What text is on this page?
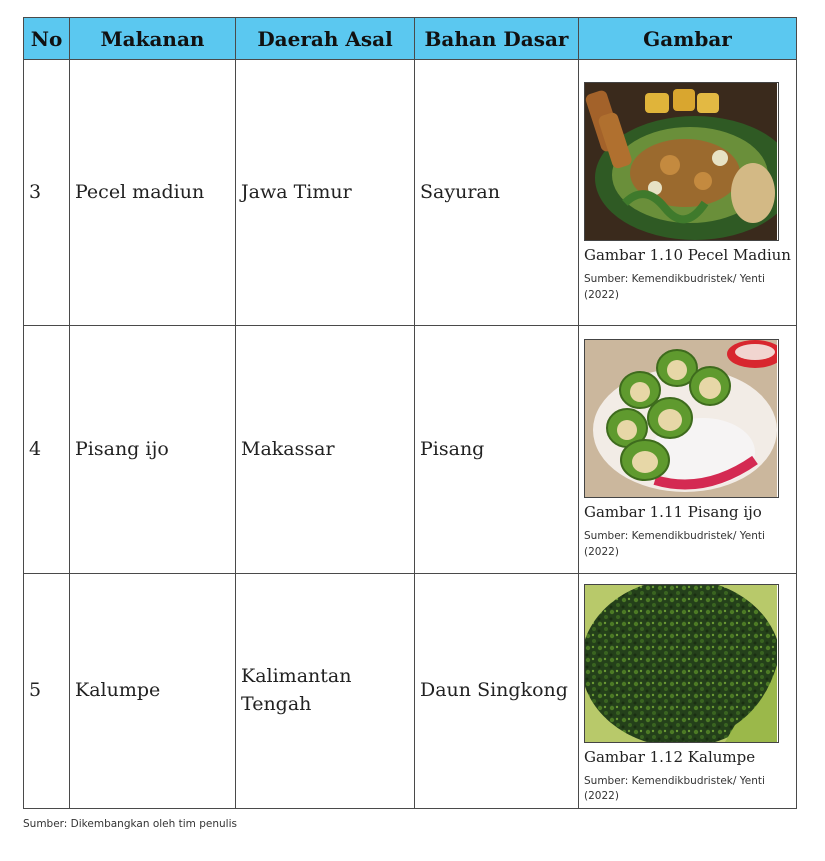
No	Makanan	Daerah Asal	Bahan Dasar	Gambar
3	Pecel madiun	Jawa Timur	Sayuran	Gambar 1.10 Pecel Madiun
Sumber: Kemendikbudristek/ Yenti (2022)

4	Pisang ijo	Makassar	Pisang	Gambar 1.11 Pisang ijo
Sumber: Kemendikbudristek/ Yenti (2022)

5	Kalumpe	Kalimantan Tengah	Daun Singkong	Gambar 1.12 Kalumpe
Sumber: Kemendikbudristek/ Yenti (2022)
Sumber: Dikembangkan oleh tim penulis
